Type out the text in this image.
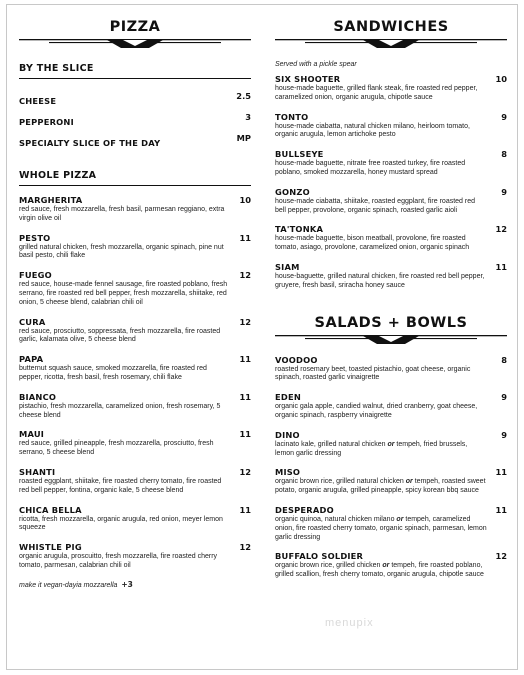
PIZZA
BY THE SLICE
CHEESE	2.5
PEPPERONI	3
SPECIALTY SLICE OF THE DAY	MP
WHOLE PIZZA
MARGHERITA	10
red sauce, fresh mozzarella, fresh basil, parmesan reggiano, extra virgin olive oil
PESTO	11
grilled natural chicken, fresh mozzarella, organic spinach, pine nut basil pesto, chili flake
FUEGO	12
red sauce, house-made fennel sausage, fire roasted poblano, fresh serrano, fire roasted red bell pepper, fresh mozzarella, shiitake, red onion, 5 cheese blend, calabrian chili oil
CURA	12
red sauce, prosciutto, soppressata, fresh mozzarella, fire roasted garlic, kalamata olive, 5 cheese blend
PAPA	11
butternut squash sauce, smoked mozzarella, fire roasted red pepper, ricotta, fresh basil, fresh rosemary, chili flake
BIANCO	11
pistachio, fresh mozzarella, caramelized onion, fresh rosemary, 5 cheese blend
MAUI	11
red sauce, grilled pineapple, fresh mozzarella, prosciutto, fresh serrano, 5 cheese blend
SHANTI	12
roasted eggplant, shiitake, fire roasted cherry tomato, fire roasted red bell pepper, fontina, organic kale, 5 cheese blend
CHICA BELLA	11
ricotta, fresh mozzarella, organic arugula, red onion, meyer lemon squeeze
WHISTLE PIG	12
organic arugula, proscuitto, fresh mozzarella, fire roasted cherry tomato, parmesan, calabrian chili oil
make it vegan-dayia mozzarella +3
SANDWICHES
Served with a pickle spear
SIX SHOOTER	10
house-made baguette, grilled flank steak, fire roasted red pepper, caramelized onion, organic arugula, chipotle sauce
TONTO	9
house-made ciabatta, natural chicken milano, heirloom tomato, organic arugula, lemon artichoke pesto
BULLSEYE	8
house-made baguette, nitrate free roasted turkey, fire roasted poblano, smoked mozzarella, honey mustard spread
GONZO	9
house-made ciabatta, shiitake, roasted eggplant, fire roasted red bell pepper, provolone, organic spinach, roasted garlic aioli
TA'TONKA	12
house-made baguette, bison meatball, provolone, fire roasted tomato, asiago, provolone, caramelized onion, organic spinach
SIAM	11
house-baguette, grilled natural chicken, fire roasted red bell pepper, gruyere, fresh basil, sriracha honey sauce
SALADS + BOWLS
VOODOO	8
roasted rosemary beet, toasted pistachio, goat cheese, organic spinach, roasted garlic vinaigrette
EDEN	9
organic gala apple, candied walnut, dried cranberry, goat cheese, organic spinach, raspberry vinaigrette
DINO	9
lacinato kale, grilled natural chicken or tempeh, fried brussels, lemon garlic dressing
MISO	11
organic brown rice, grilled natural chicken or tempeh, roasted sweet potato, organic arugula, grilled pineapple, spicy korean bbq sauce
DESPERADO	11
organic quinoa, natural chicken milano or tempeh, caramelized onion, fire roasted cherry tomato, organic spinach, parmesan, lemon garlic dressing
BUFFALO SOLDIER	12
organic brown rice, grilled chicken or tempeh, fire roasted poblano, grilled scallion, fresh cherry tomato, organic arugula, chipotle sauce
menupix
